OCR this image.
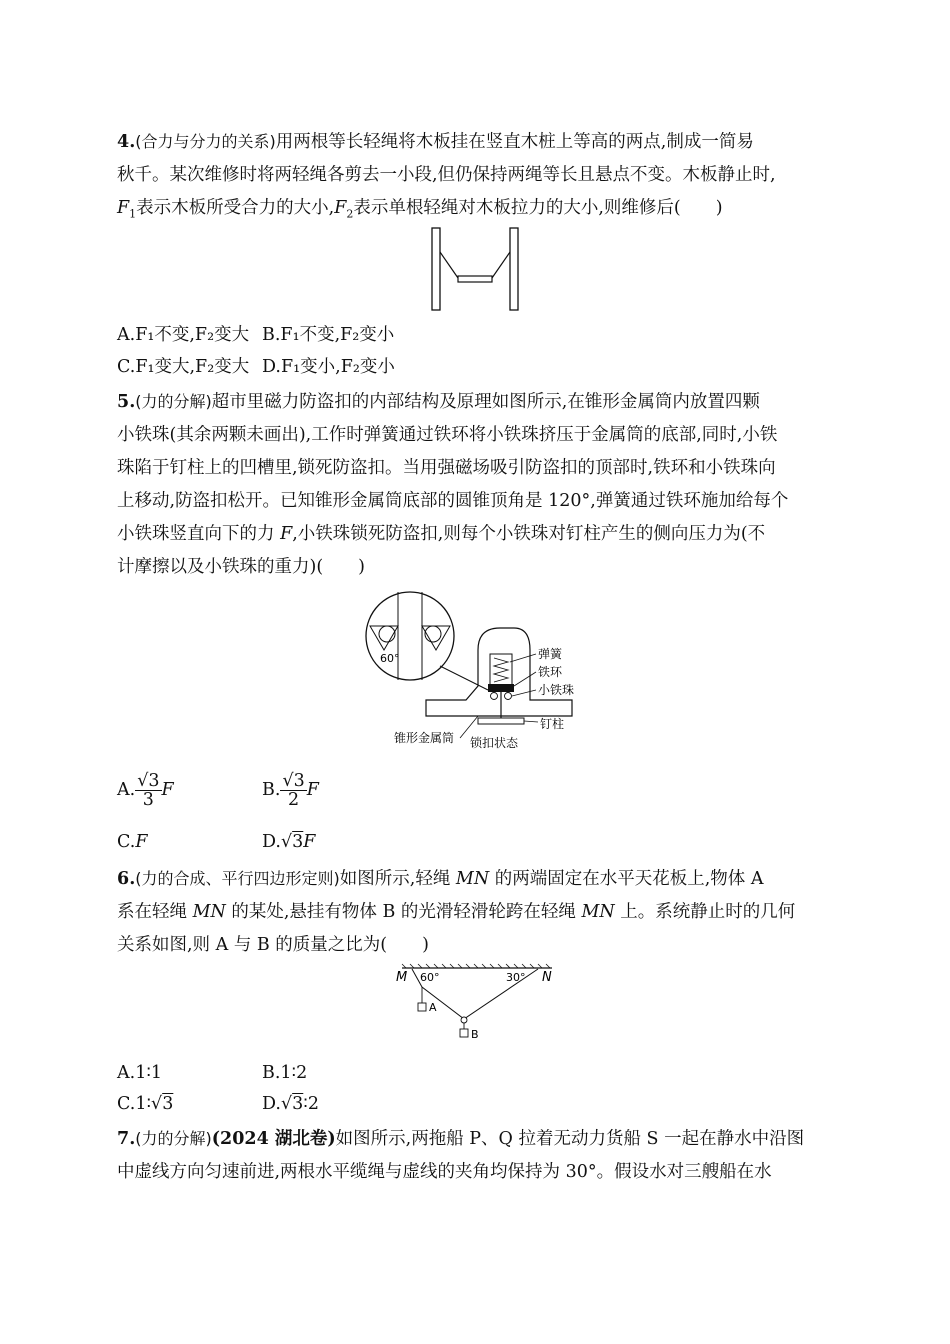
4.(合力与分力的关系)用两根等长轻绳将木板挂在竖直木桩上等高的两点,制成一简易
秋千。某次维修时将两轻绳各剪去一小段,但仍保持两绳等长且悬点不变。木板静止时,
$F_1$表示木板所受合力的大小$,F_2$表示单根轻绳对木板拉力的大小,则维修后(　　)
A.F₁不变,F₂变大 B.F₁不变,F₂变小
C.F₁变大,F₂变大 D.F₁变小,F₂变小
5.(力的分解)超市里磁力防盗扣的内部结构及原理如图所示,在锥形金属筒内放置四颗
小铁珠(其余两颗未画出),工作时弹簧通过铁环将小铁珠挤压于金属筒的底部,同时,小铁
珠陷于钉柱上的凹槽里,锁死防盗扣。当用强磁场吸引防盗扣的顶部时,铁环和小铁珠向
上移动,防盗扣松开。已知锥形金属筒底部的圆锥顶角是 120°,弹簧通过铁环施加给每个
小铁珠竖直向下的力 F,小铁珠锁死防盗扣,则每个小铁珠对钉柱产生的侧向压力为(不
计摩擦以及小铁珠的重力)(　　)
60°	弹簧
铁环
小铁珠
钉柱
锥形金属筒 锁扣状态
A. $\frac{√3}{3}$ F	B. $\frac{√3}{2}$ F
C.F	D.√3F
6.(力的合成、平行四边形定则)如图所示,轻绳 MN 的两端固定在水平天花板上,物体 A
系在轻绳 MN 的某处,悬挂有物体 B 的光滑轻滑轮跨在轻绳 MN 上。系统静止时的几何
关系如图,则 A 与 B 的质量之比为(　　)
M 60°	30° N
A
B
A.1∶1	B.1∶2
C.1∶√3	D.√3∶2
7.(力的分解)(2024 湖北卷)如图所示,两拖船 P、Q 拉着无动力货船 S 一起在静水中沿图
中虚线方向匀速前进,两根水平缆绳与虚线的夹角均保持为 30°。假设水对三艘船在水
